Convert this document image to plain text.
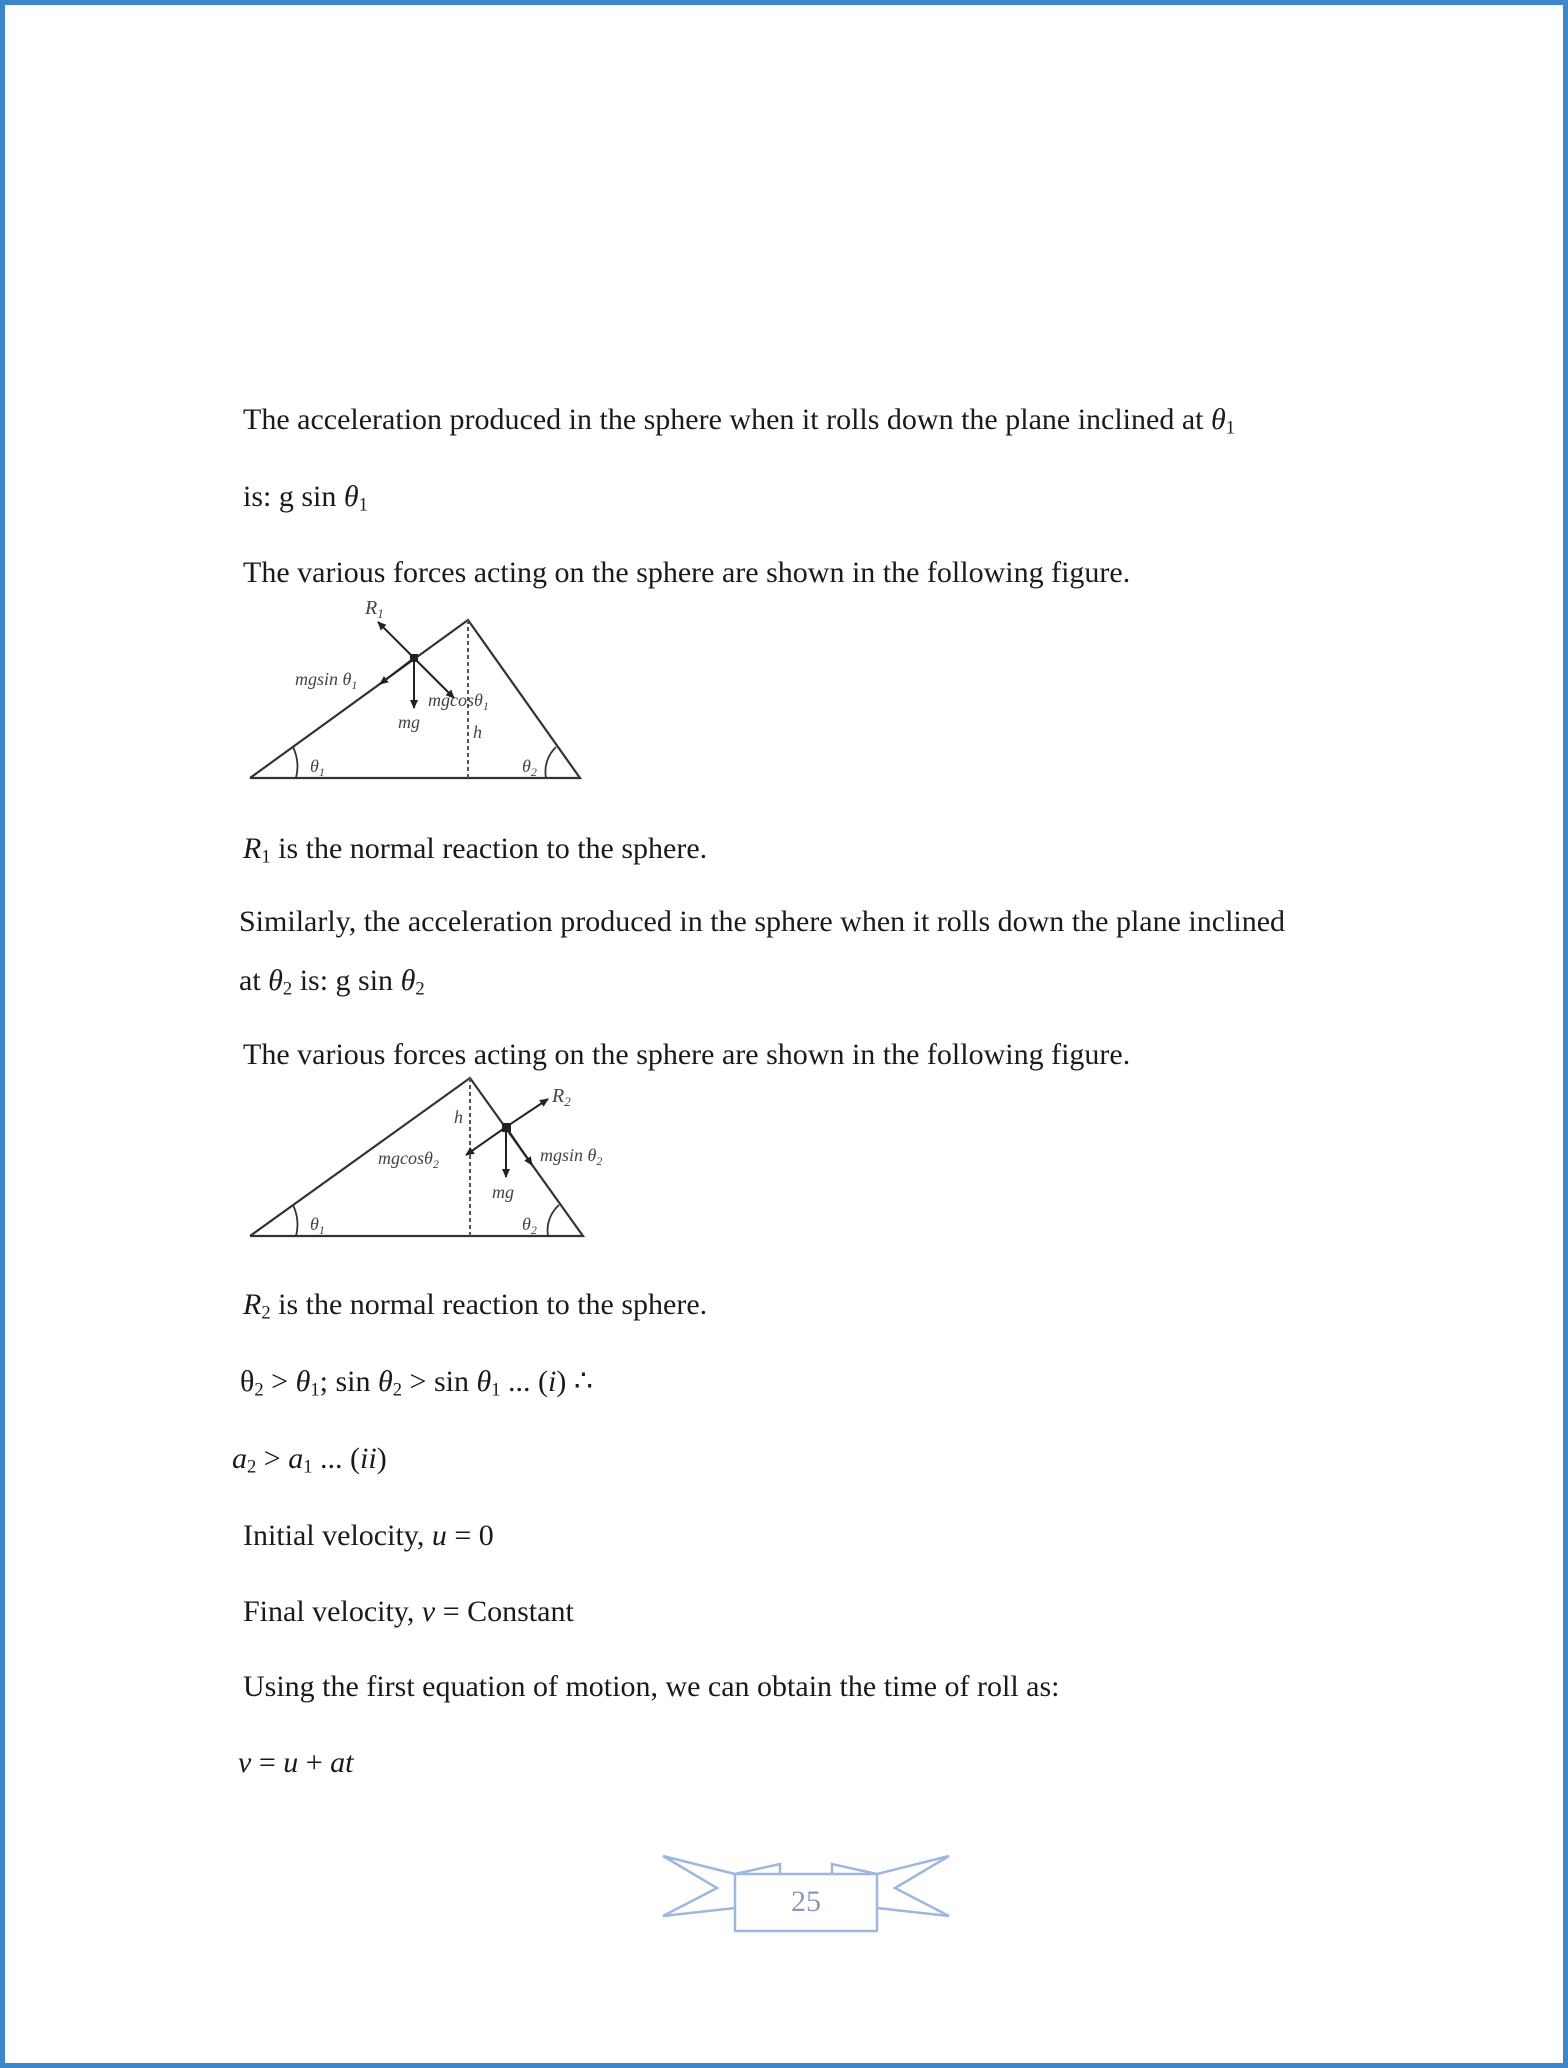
The acceleration produced in the sphere when it rolls down the plane inclined at $\theta_1$
is: g $\sin \theta_1$
The various forces acting on the sphere are shown in the following figure.
$R_1$
mgsin $\theta_1$
mgcosθ$_1$
mg	h
$\theta_1$	$\theta_2$
$R_1$ is the normal reaction to the sphere.
Similarly, the acceleration produced in the sphere when it rolls down the plane inclined
at $\theta_2$ is: g $\sin \theta_2$
The various forces acting on the sphere are shown in the following figure.
$R_2$
mgcosθ$_2$	mgsin $\theta_2$
mg
h
$\theta_1$	$\theta_2$
$R_2$ is the normal reaction to the sphere.
$\theta_2 > \theta_1$; $\sin \theta_2 > \sin \theta_1$ ... (i) ∴
$a_2 > a_1$ ... (ii)
Initial velocity, u = 0
Final velocity, v = Constant
Using the first equation of motion, we can obtain the time of roll as:
v = u + at
25
